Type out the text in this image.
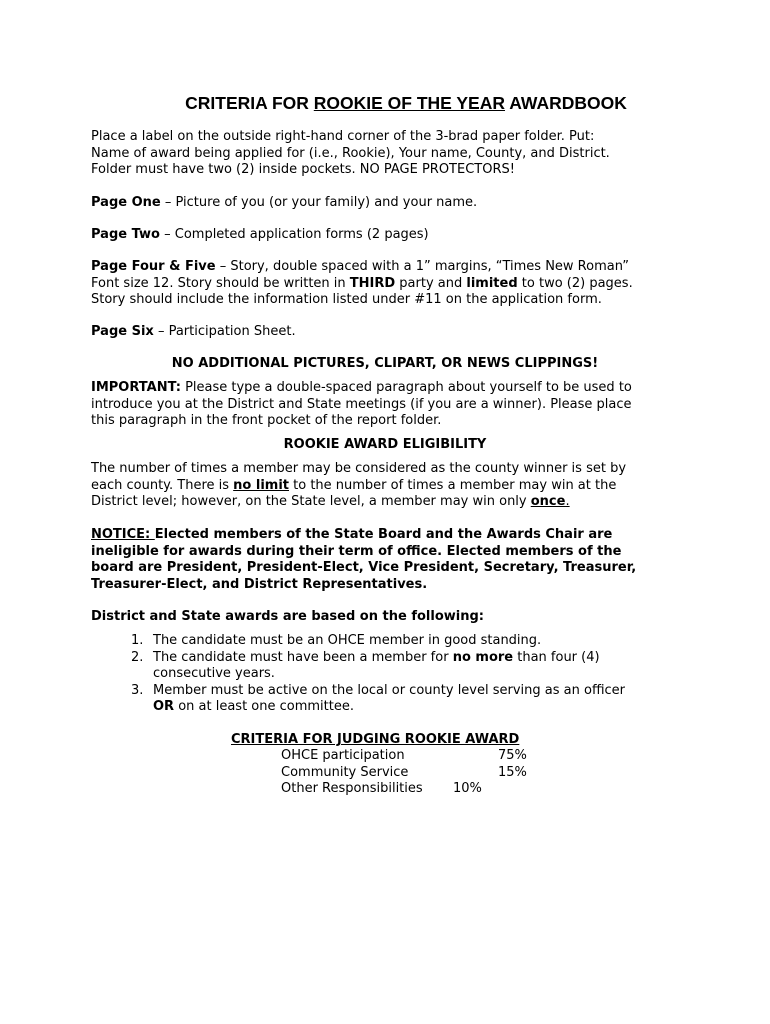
CRITERIA FOR ROOKIE OF THE YEAR AWARDBOOK
Place a label on the outside right-hand corner of the 3-brad paper folder. Put:
Name of award being applied for (i.e., Rookie), Your name, County, and District.
Folder must have two (2) inside pockets. NO PAGE PROTECTORS!
Page One – Picture of you (or your family) and your name.
Page Two – Completed application forms (2 pages)
Page Four & Five – Story, double spaced with a 1” margins, “Times New Roman”
Font size 12. Story should be written in THIRD party and limited to two (2) pages.
Story should include the information listed under #11 on the application form.
Page Six – Participation Sheet.
NO ADDITIONAL PICTURES, CLIPART, OR NEWS CLIPPINGS!
IMPORTANT: Please type a double-spaced paragraph about yourself to be used to
introduce you at the District and State meetings (if you are a winner). Please place
this paragraph in the front pocket of the report folder.
ROOKIE AWARD ELIGIBILITY
The number of times a member may be considered as the county winner is set by
each county. There is no limit to the number of times a member may win at the
District level; however, on the State level, a member may win only once.
NOTICE: Elected members of the State Board and the Awards Chair are
ineligible for awards during their term of office. Elected members of the
board are President, President-Elect, Vice President, Secretary, Treasurer,
Treasurer-Elect, and District Representatives.
District and State awards are based on the following:
1. The candidate must be an OHCE member in good standing.
2. The candidate must have been a member for no more than four (4)
consecutive years.
3. Member must be active on the local or county level serving as an officer
OR on at least one committee.
CRITERIA FOR JUDGING ROOKIE AWARD
OHCE participation	75%
Community Service	15%
Other Responsibilities 10%
